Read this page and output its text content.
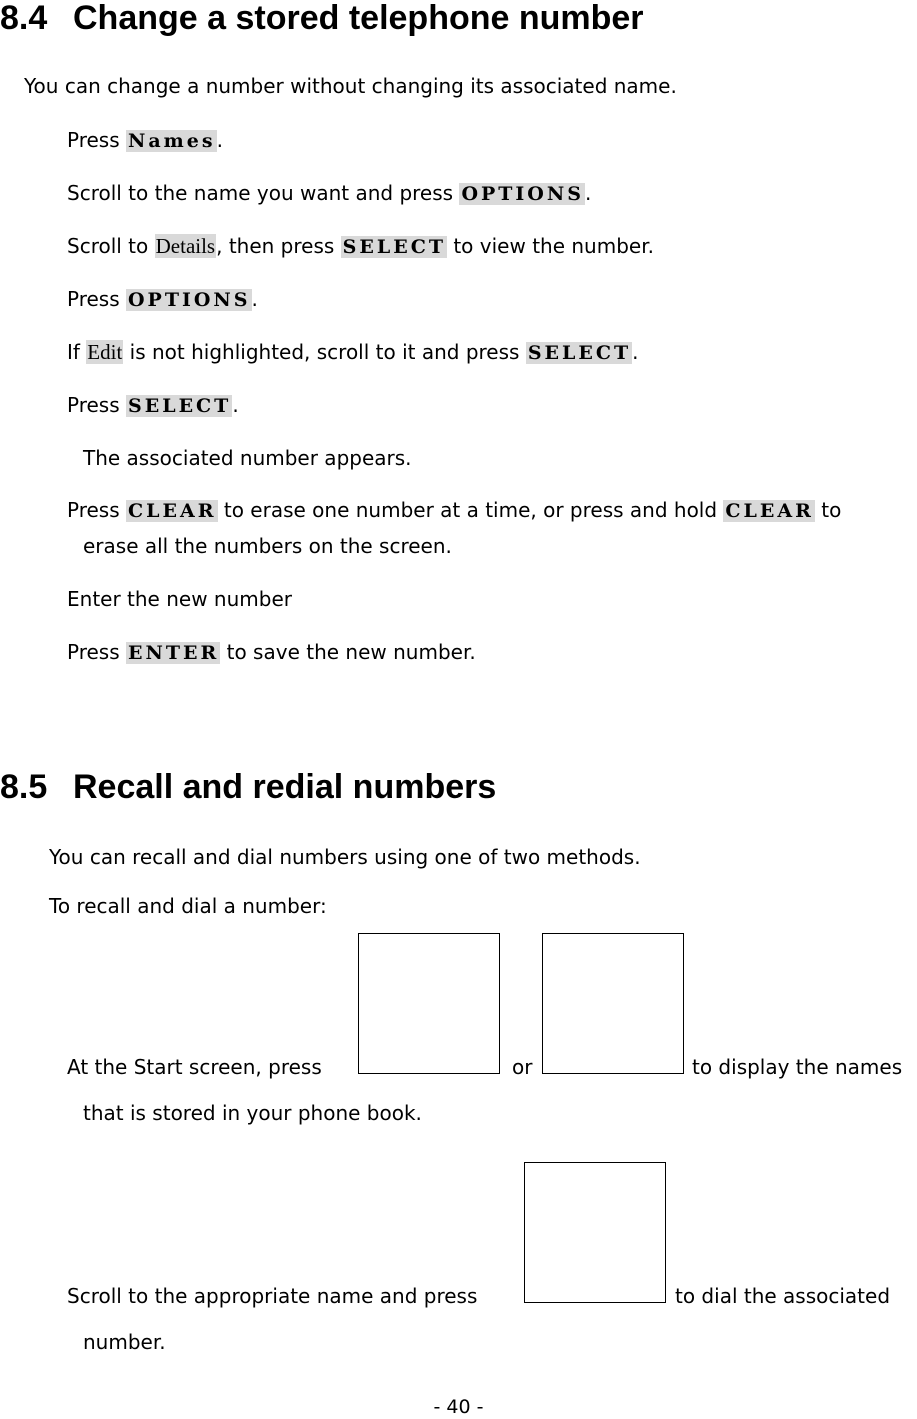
8.4 Change a stored telephone number
You can change a number without changing its associated name.
Press Names.
Scroll to the name you want and press OPTIONS.
Scroll to Details, then press SELECT to view the number.
Press OPTIONS.
If Edit is not highlighted, scroll to it and press SELECT.
Press SELECT.
The associated number appears.
Press CLEAR to erase one number at a time, or press and hold CLEAR to
erase all the numbers on the screen.
Enter the new number
Press ENTER to save the new number.
8.5 Recall and redial numbers
You can recall and dial numbers using one of two methods.
To recall and dial a number:
At the Start screen, press	or	to display the names
that is stored in your phone book.
Scroll to the appropriate name and press	to dial the associated
number.
- 40 -
